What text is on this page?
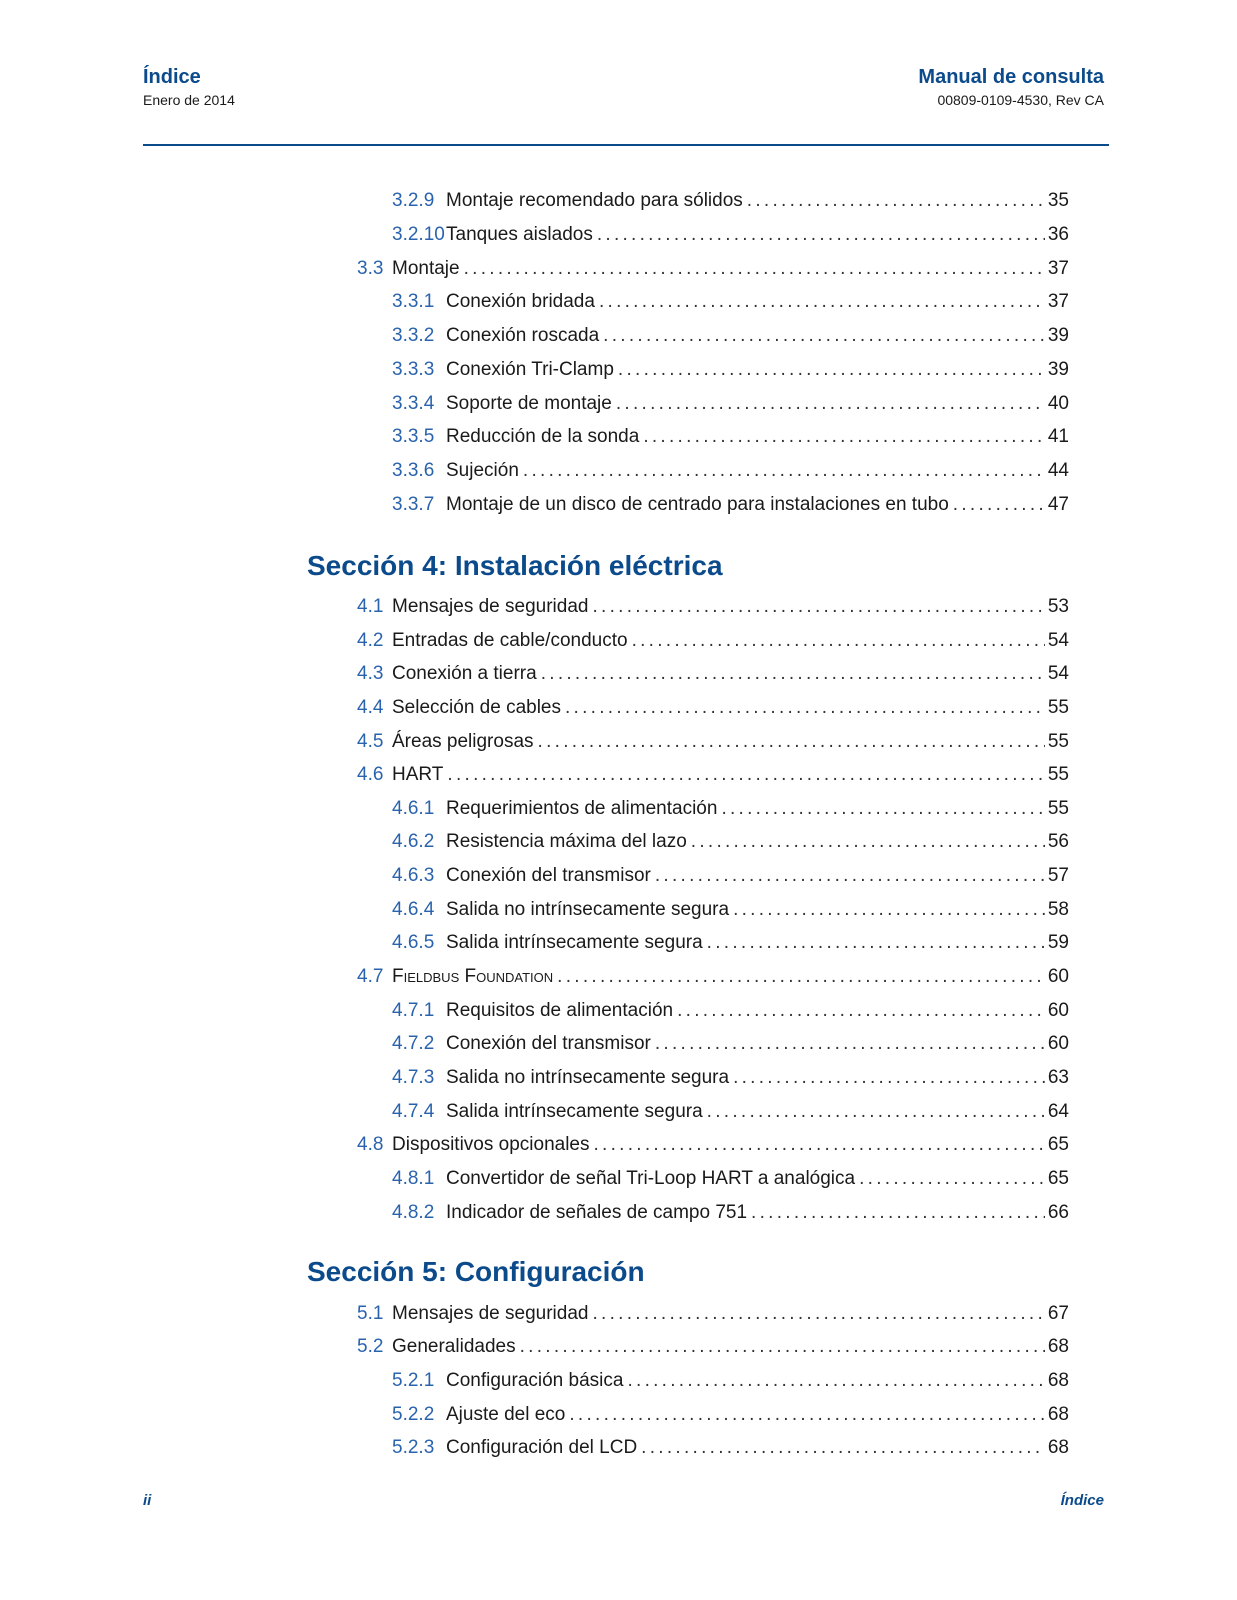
Índice
Enero de 2014
Manual de consulta
00809-0109-4530, Rev CA
3.2.9 Montaje recomendado para sólidos . . .	35
3.2.10 Tanques aislados . . .	36
3.3 Montaje . . .	37
3.3.1 Conexión bridada . . .	37
3.3.2 Conexión roscada . . .	39
3.3.3 Conexión Tri-Clamp . . .	39
3.3.4 Soporte de montaje . . .	40
3.3.5 Reducción de la sonda . . .	41
3.3.6 Sujeción . . .	44
3.3.7 Montaje de un disco de centrado para instalaciones en tubo . . .	47
Sección 4: Instalación eléctrica
4.1 Mensajes de seguridad . . .	53
4.2 Entradas de cable/conducto . . .	54
4.3 Conexión a tierra . . .	54
4.4 Selección de cables . . .	55
4.5 Áreas peligrosas . . .	55
4.6 HART . . .	55
4.6.1 Requerimientos de alimentación . . .	55
4.6.2 Resistencia máxima del lazo . . .	56
4.6.3 Conexión del transmisor . . .	57
4.6.4 Salida no intrínsecamente segura . . .	58
4.6.5 Salida intrínsecamente segura . . .	59
4.7 Fieldbus Foundation . . .	60
4.7.1 Requisitos de alimentación . . .	60
4.7.2 Conexión del transmisor . . .	60
4.7.3 Salida no intrínsecamente segura . . .	63
4.7.4 Salida intrínsecamente segura . . .	64
4.8 Dispositivos opcionales . . .	65
4.8.1 Convertidor de señal Tri-Loop HART a analógica . . .	65
4.8.2 Indicador de señales de campo 751 . . .	66
Sección 5: Configuración
5.1 Mensajes de seguridad . . .	67
5.2 Generalidades . . .	68
5.2.1 Configuración básica . . .	68
5.2.2 Ajuste del eco . . .	68
5.2.3 Configuración del LCD . . .	68
ii	Índice
